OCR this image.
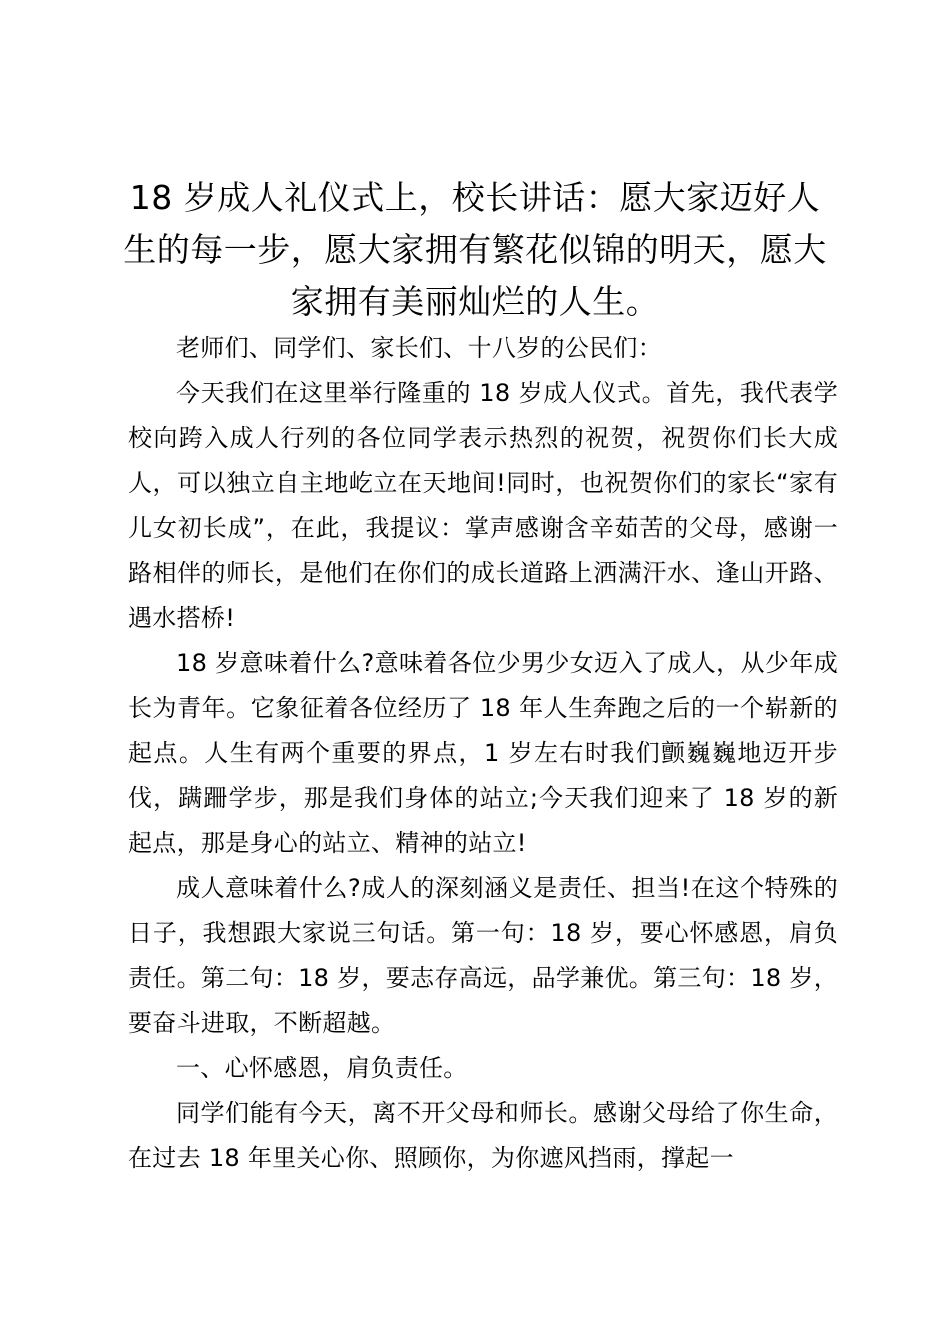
18 岁成人礼仪式上，校长讲话：愿大家迈好人生的每一步，愿大家拥有繁花似锦的明天，愿大家拥有美丽灿烂的人生。

老师们、同学们、家长们、十八岁的公民们：

今天我们在这里举行隆重的 18 岁成人仪式。首先，我代表学校向跨入成人行列的各位同学表示热烈的祝贺，祝贺你们长大成人，可以独立自主地屹立在天地间!同时，也祝贺你们的家长“家有儿女初长成”，在此，我提议：掌声感谢含辛茹苦的父母，感谢一路相伴的师长，是他们在你们的成长道路上洒满汗水、逢山开路、遇水搭桥!

18 岁意味着什么?意味着各位少男少女迈入了成人，从少年成长为青年。它象征着各位经历了 18 年人生奔跑之后的一个崭新的起点。人生有两个重要的界点，1 岁左右时我们颤巍巍地迈开步伐，蹒跚学步，那是我们身体的站立;今天我们迎来了 18 岁的新起点，那是身心的站立、精神的站立!

成人意味着什么?成人的深刻涵义是责任、担当!在这个特殊的日子，我想跟大家说三句话。第一句：18 岁，要心怀感恩，肩负责任。第二句：18 岁，要志存高远，品学兼优。第三句：18 岁，要奋斗进取，不断超越。

一、心怀感恩，肩负责任。

同学们能有今天，离不开父母和师长。感谢父母给了你生命，在过去 18 年里关心你、照顾你，为你遮风挡雨，撑起一
